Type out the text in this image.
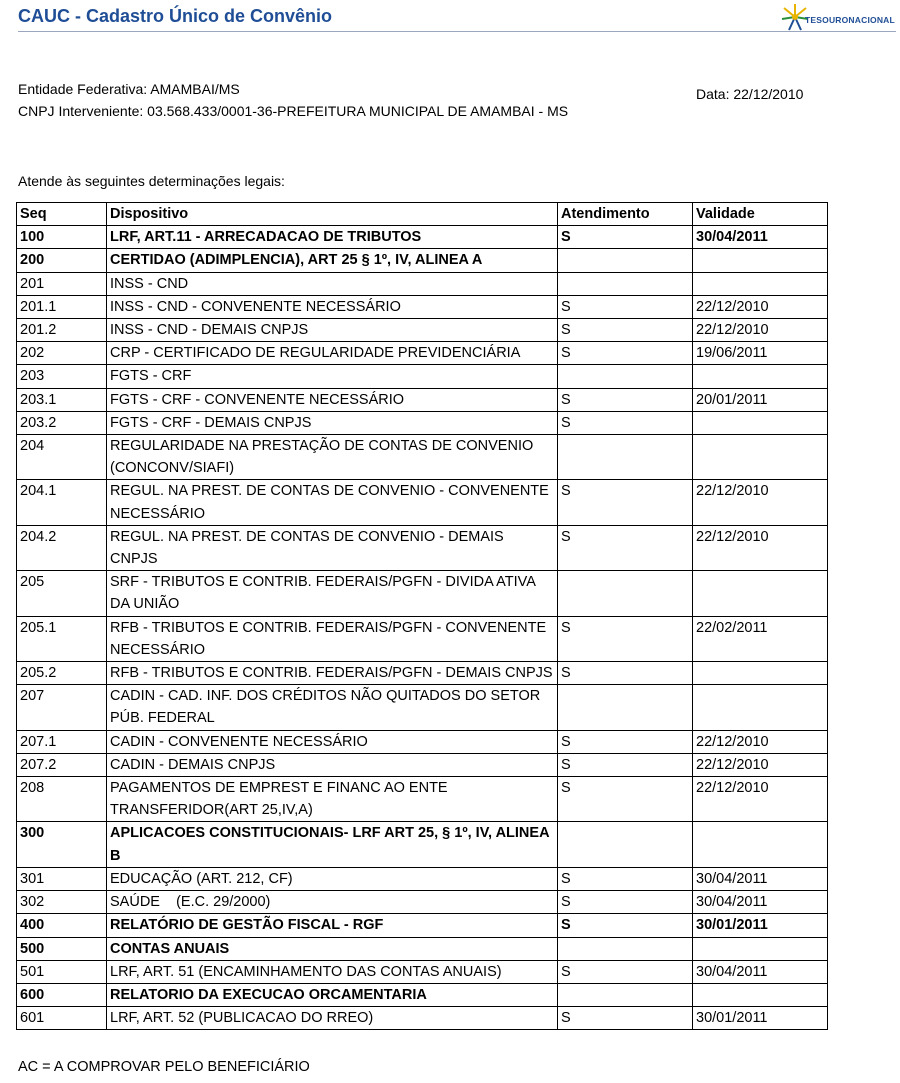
CAUC - Cadastro Único de Convênio	TESOURONACIONAL
Entidade Federativa: AMAMBAI/MS
CNPJ Interveniente: 03.568.433/0001-36-PREFEITURA MUNICIPAL DE AMAMBAI - MS
Data: 22/12/2010
Atende às seguintes determinações legais:
Seq	Dispositivo	Atendimento	Validade
100	LRF, ART.11 - ARRECADACAO DE TRIBUTOS	S	30/04/2011
200	CERTIDAO (ADIMPLENCIA), ART 25 § 1º, IV, ALINEA A		
201	INSS - CND		
201.1	INSS - CND - CONVENENTE NECESSÁRIO	S	22/12/2010
201.2	INSS - CND - DEMAIS CNPJS	S	22/12/2010
202	CRP - CERTIFICADO DE REGULARIDADE PREVIDENCIÁRIA	S	19/06/2011
203	FGTS - CRF		
203.1	FGTS - CRF - CONVENENTE NECESSÁRIO	S	20/01/2011
203.2	FGTS - CRF - DEMAIS CNPJS	S	
204	REGULARIDADE NA PRESTAÇÃO DE CONTAS DE CONVENIO (CONCONV/SIAFI)		
204.1	REGUL. NA PREST. DE CONTAS DE CONVENIO - CONVENENTE NECESSÁRIO	S	22/12/2010
204.2	REGUL. NA PREST. DE CONTAS DE CONVENIO - DEMAIS CNPJS	S	22/12/2010
205	SRF - TRIBUTOS E CONTRIB. FEDERAIS/PGFN - DIVIDA ATIVA DA UNIÃO		
205.1	RFB - TRIBUTOS E CONTRIB. FEDERAIS/PGFN - CONVENENTE NECESSÁRIO	S	22/02/2011
205.2	RFB - TRIBUTOS E CONTRIB. FEDERAIS/PGFN - DEMAIS CNPJS	S	
207	CADIN - CAD. INF. DOS CRÉDITOS NÃO QUITADOS DO SETOR PÚB. FEDERAL		
207.1	CADIN - CONVENENTE NECESSÁRIO	S	22/12/2010
207.2	CADIN - DEMAIS CNPJS	S	22/12/2010
208	PAGAMENTOS DE EMPREST E FINANC AO ENTE TRANSFERIDOR(ART 25,IV,A)	S	22/12/2010
300	APLICACOES CONSTITUCIONAIS- LRF ART 25, § 1º, IV, ALINEA B		
301	EDUCAÇÃO (ART. 212, CF)	S	30/04/2011
302	SAÚDE    (E.C. 29/2000)	S	30/04/2011
400	RELATÓRIO DE GESTÃO FISCAL - RGF	S	30/01/2011
500	CONTAS ANUAIS		
501	LRF, ART. 51 (ENCAMINHAMENTO DAS CONTAS ANUAIS)	S	30/04/2011
600	RELATORIO DA EXECUCAO ORCAMENTARIA		
601	LRF, ART. 52 (PUBLICACAO DO RREO)	S	30/01/2011
AC = A COMPROVAR PELO BENEFICIÁRIO
